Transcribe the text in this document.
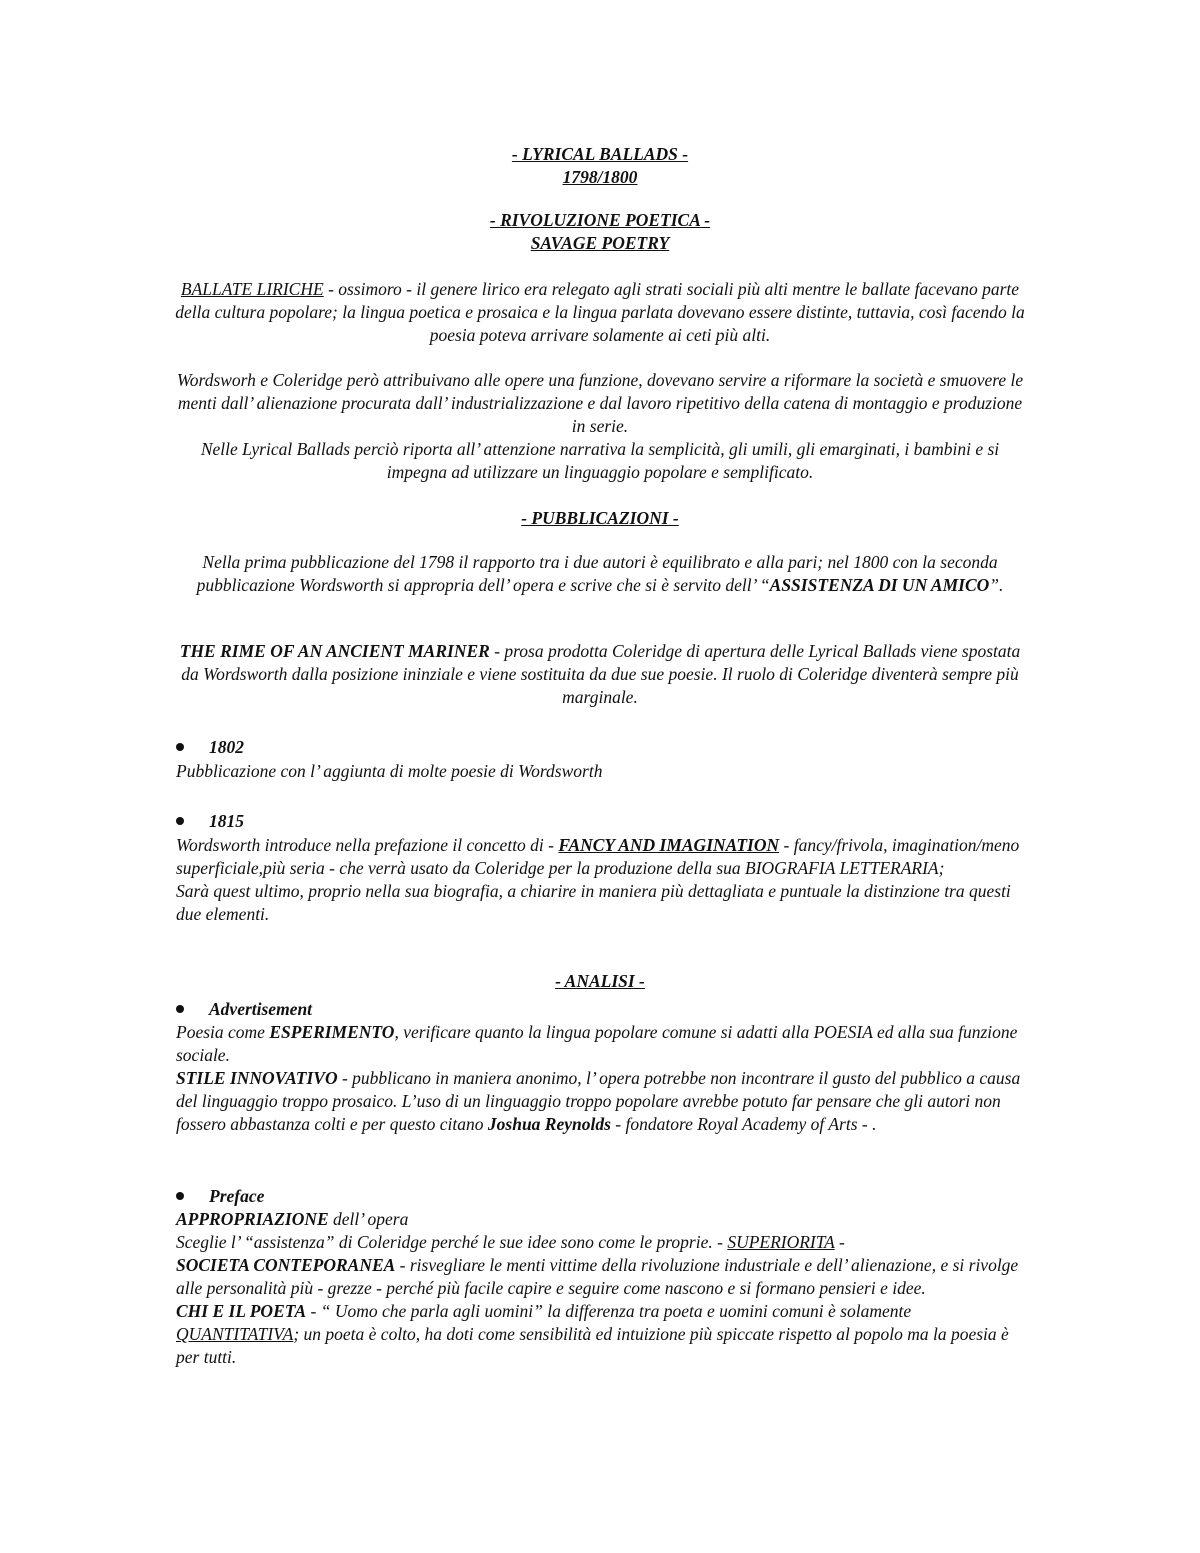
- LYRICAL BALLADS -
1798/1800
- RIVOLUZIONE POETICA -
SAVAGE POETRY

BALLATE LIRICHE - ossimoro - il genere lirico era relegato agli strati sociali più alti mentre le ballate facevano parte della cultura popolare; la lingua poetica e prosaica e la lingua parlata dovevano essere distinte, tuttavia, così facendo la poesia poteva arrivare solamente ai ceti più alti.

Wordsworh e Coleridge però attribuivano alle opere una funzione, dovevano servire a riformare la società e smuovere le menti dall’ alienazione procurata dall’ industrializzazione e dal lavoro ripetitivo della catena di montaggio e produzione in serie.
Nelle Lyrical Ballads perciò riporta all’ attenzione narrativa la semplicità, gli umili, gli emarginati, i bambini e si impegna ad utilizzare un linguaggio popolare e semplificato.

- PUBBLICAZIONI -

Nella prima pubblicazione del 1798 il rapporto tra i due autori è equilibrato e alla pari; nel 1800 con la seconda pubblicazione Wordsworth si appropria dell’ opera e scrive che si è servito dell’ “ASSISTENZA DI UN AMICO”.

THE RIME OF AN ANCIENT MARINER - prosa prodotta Coleridge di apertura delle Lyrical Ballads viene spostata da Wordsworth dalla posizione ininziale e viene sostituita da due sue poesie. Il ruolo di Coleridge diventerà sempre più marginale.

1802

Pubblicazione con l’ aggiunta di molte poesie di Wordsworth

1815

Wordsworth introduce nella prefazione il concetto di - FANCY AND IMAGINATION - fancy/frivola, imagination/meno superficiale,più seria - che verrà usato da Coleridge per la produzione della sua BIOGRAFIA LETTERARIA;
Sarà quest ultimo, proprio nella sua biografia, a chiarire in maniera più dettagliata e puntuale la distinzione tra questi due elementi.

- ANALISI -
Advertisement

Poesia come ESPERIMENTO, verificare quanto la lingua popolare comune si adatti alla POESIA ed alla sua funzione sociale.
STILE INNOVATIVO - pubblicano in maniera anonimo, l’ opera potrebbe non incontrare il gusto del pubblico a causa del linguaggio troppo prosaico. L’uso di un linguaggio troppo popolare avrebbe potuto far pensare che gli autori non fossero abbastanza colti e per questo citano Joshua Reynolds - fondatore Royal Academy of Arts - .

Preface

APPROPRIAZIONE dell’ opera
Sceglie l’ “assistenza” di Coleridge perché le sue idee sono come le proprie. - SUPERIORITA -
SOCIETA CONTEPORANEA - risvegliare le menti vittime della rivoluzione industriale e dell’ alienazione, e si rivolge alle personalità più - grezze - perché più facile capire e seguire come nascono e si formano pensieri e idee.
CHI E IL POETA - “ Uomo che parla agli uomini” la differenza tra poeta e uomini comuni è solamente QUANTITATIVA; un poeta è colto, ha doti come sensibilità ed intuizione più spiccate rispetto al popolo ma la poesia è per tutti.
